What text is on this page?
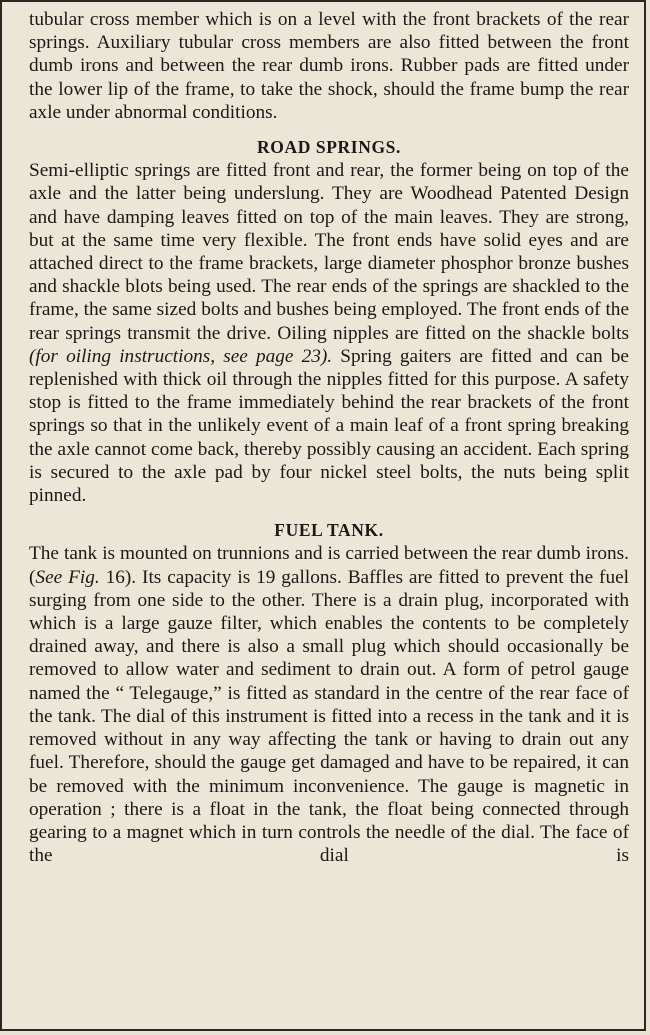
tubular cross member which is on a level with the front brackets of the rear springs. Auxiliary tubular cross members are also fitted between the front dumb irons and between the rear dumb irons. Rubber pads are fitted under the lower lip of the frame, to take the shock, should the frame bump the rear axle under abnormal conditions.

ROAD SPRINGS.

Semi-elliptic springs are fitted front and rear, the former being on top of the axle and the latter being underslung. They are Woodhead Patented Design and have damping leaves fitted on top of the main leaves. They are strong, but at the same time very flexible. The front ends have solid eyes and are attached direct to the frame brackets, large diameter phosphor bronze bushes and shackle blots being used. The rear ends of the springs are shackled to the frame, the same sized bolts and bushes being employed. The front ends of the rear springs transmit the drive. Oiling nipples are fitted on the shackle bolts (for oiling instructions, see page 23). Spring gaiters are fitted and can be replenished with thick oil through the nipples fitted for this purpose. A safety stop is fitted to the frame immediately behind the rear brackets of the front springs so that in the unlikely event of a main leaf of a front spring breaking the axle cannot come back, thereby possibly causing an accident. Each spring is secured to the axle pad by four nickel steel bolts, the nuts being split pinned.

FUEL TANK.

The tank is mounted on trunnions and is carried between the rear dumb irons. (See Fig. 16). Its capacity is 19 gallons. Baffles are fitted to prevent the fuel surging from one side to the other. There is a drain plug, incorporated with which is a large gauze filter, which enables the contents to be completely drained away, and there is also a small plug which should occasionally be removed to allow water and sediment to drain out. A form of petrol gauge named the “ Telegauge,” is fitted as standard in the centre of the rear face of the tank. The dial of this instrument is fitted into a recess in the tank and it is removed without in any way affecting the tank or having to drain out any fuel. Therefore, should the gauge get damaged and have to be repaired, it can be removed with the minimum inconvenience. The gauge is magnetic in operation ; there is a float in the tank, the float being connected through gearing to a magnet which in turn controls the needle of the dial. The face of the dial is
